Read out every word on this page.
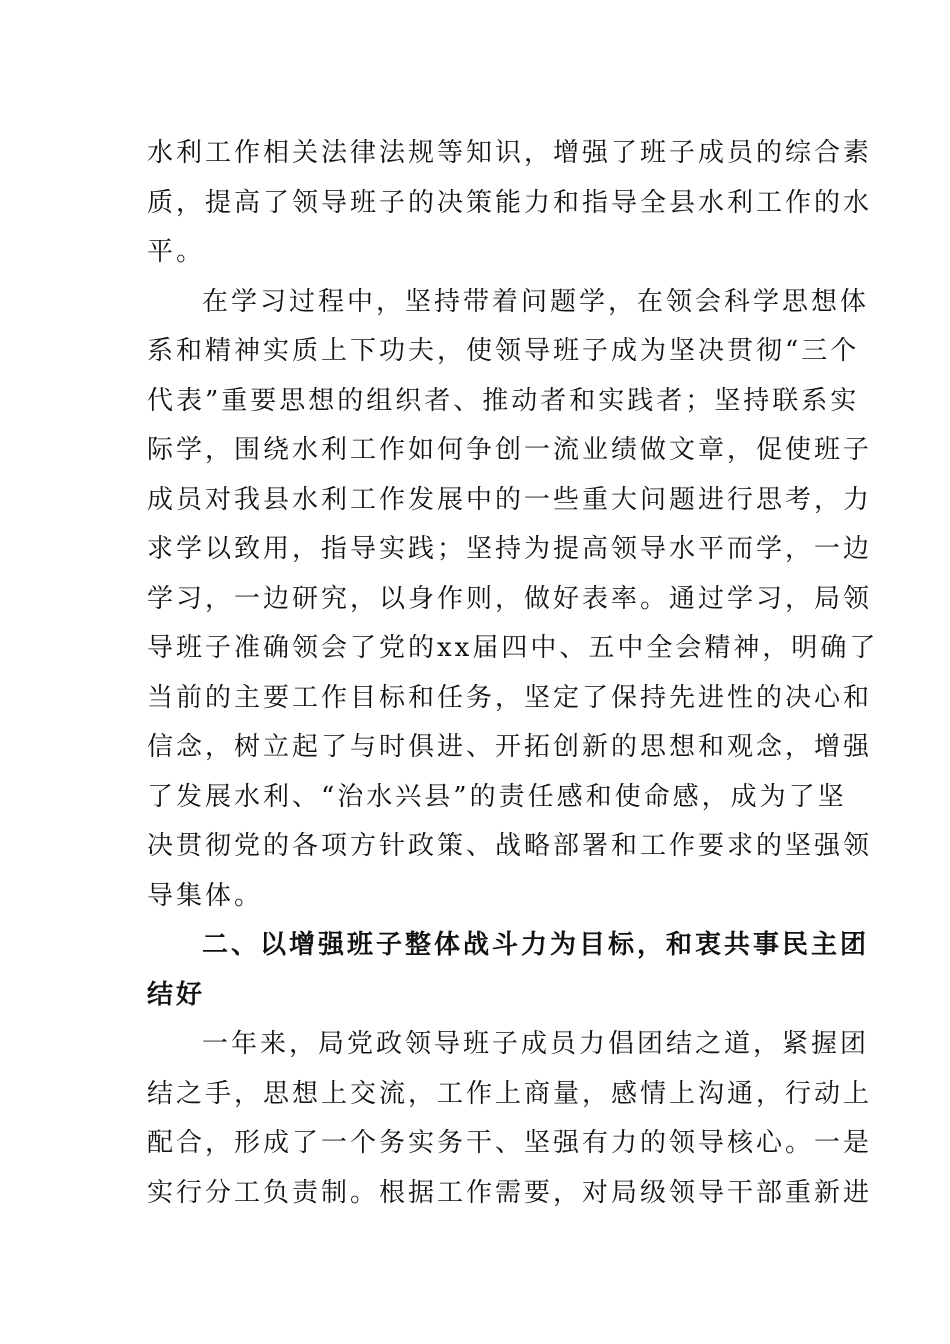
水利工作相关法律法规等知识，增强了班子成员的综合素
质，提高了领导班子的决策能力和指导全县水利工作的水
平。
在学习过程中，坚持带着问题学，在领会科学思想体
系和精神实质上下功夫，使领导班子成为坚决贯彻“三个
代表”重要思想的组织者、推动者和实践者；坚持联系实
际学，围绕水利工作如何争创一流业绩做文章，促使班子
成员对我县水利工作发展中的一些重大问题进行思考，力
求学以致用，指导实践；坚持为提高领导水平而学，一边
学习，一边研究，以身作则，做好表率。通过学习，局领
导班子准确领会了党的xx届四中、五中全会精神，明确了
当前的主要工作目标和任务，坚定了保持先进性的决心和
信念，树立起了与时俱进、开拓创新的思想和观念，增强
了发展水利、“治水兴县”的责任感和使命感，成为了坚
决贯彻党的各项方针政策、战略部署和工作要求的坚强领
导集体。
二、以增强班子整体战斗力为目标，和衷共事民主团
结好
一年来，局党政领导班子成员力倡团结之道，紧握团
结之手，思想上交流，工作上商量，感情上沟通，行动上
配合，形成了一个务实务干、坚强有力的领导核心。一是
实行分工负责制。根据工作需要，对局级领导干部重新进
